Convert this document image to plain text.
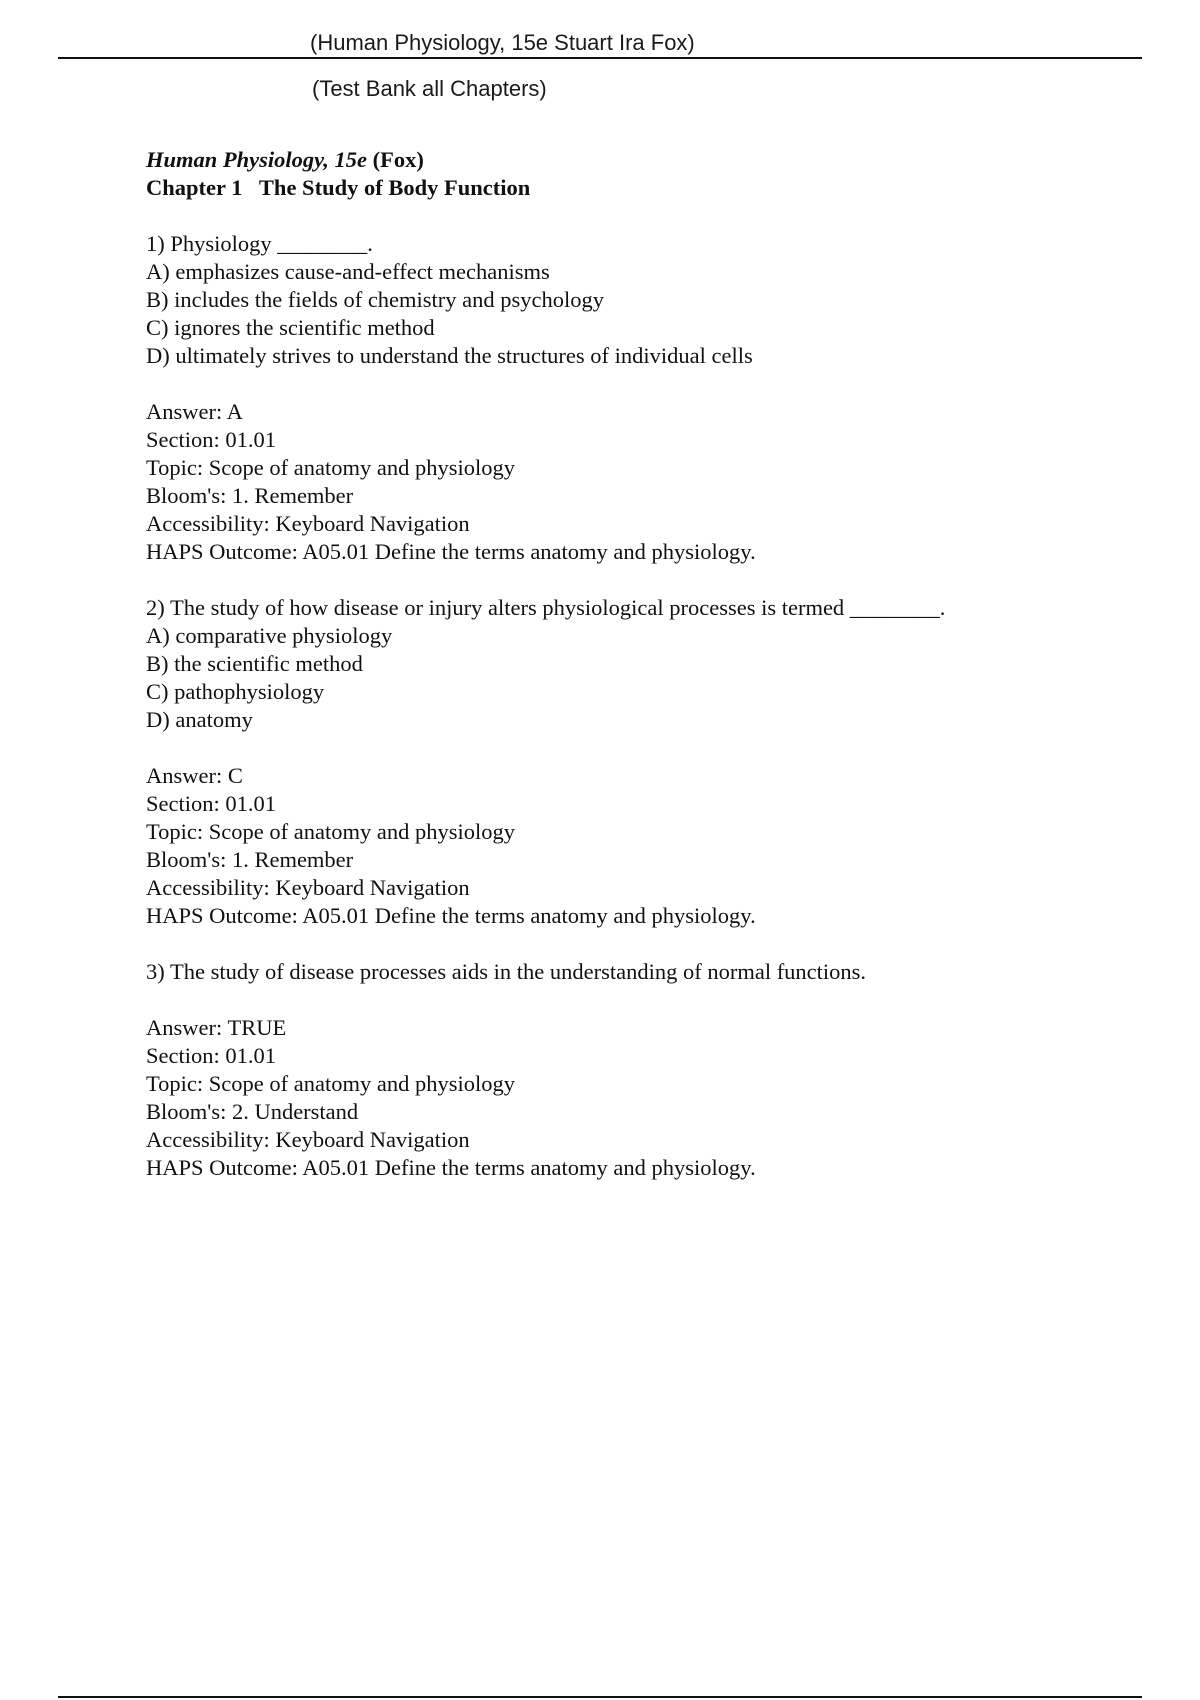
(Human Physiology, 15e Stuart Ira Fox)
(Test Bank all Chapters)

Human Physiology, 15e (Fox)

Chapter 1   The Study of Body Function

1) Physiology ________.

A) emphasizes cause-and-effect mechanisms

B) includes the fields of chemistry and psychology

C) ignores the scientific method

D) ultimately strives to understand the structures of individual cells

Answer: A

Section: 01.01

Topic: Scope of anatomy and physiology

Bloom's: 1. Remember

Accessibility: Keyboard Navigation

HAPS Outcome: A05.01 Define the terms anatomy and physiology.

2) The study of how disease or injury alters physiological processes is termed ________.

A) comparative physiology

B) the scientific method

C) pathophysiology

D) anatomy

Answer: C

Section: 01.01

Topic: Scope of anatomy and physiology

Bloom's: 1. Remember

Accessibility: Keyboard Navigation

HAPS Outcome: A05.01 Define the terms anatomy and physiology.

3) The study of disease processes aids in the understanding of normal functions.

Answer: TRUE

Section: 01.01

Topic: Scope of anatomy and physiology

Bloom's: 2. Understand

Accessibility: Keyboard Navigation

HAPS Outcome: A05.01 Define the terms anatomy and physiology.
